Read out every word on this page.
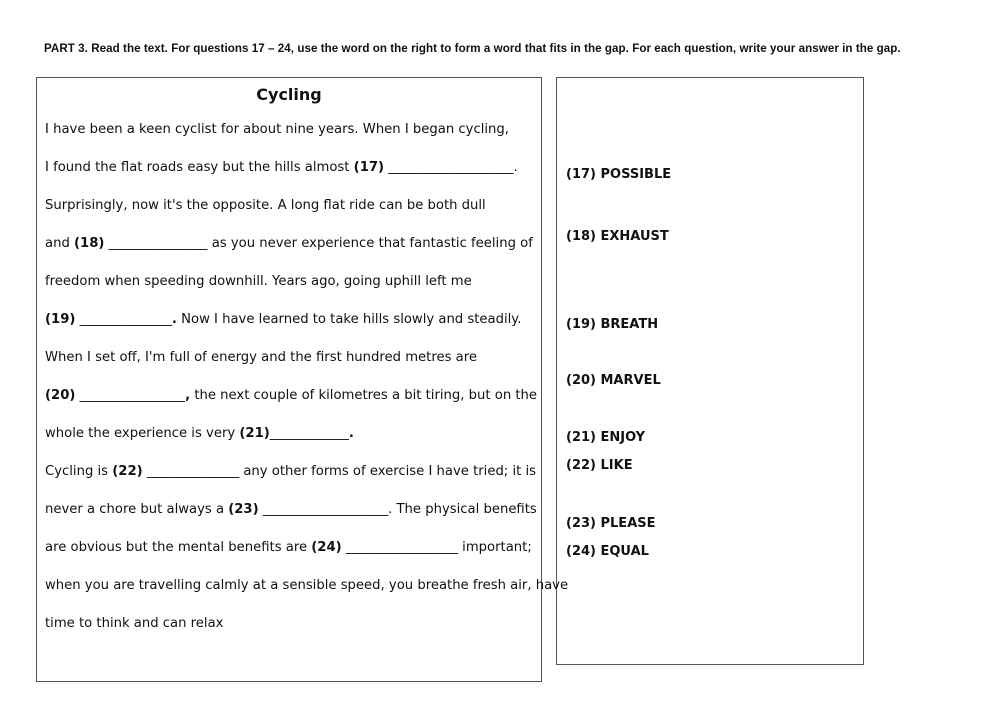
PART 3. Read the text. For questions 17 – 24, use the word on the right to form a word that fits in the gap. For each question, write your answer in the gap.
Cycling
I have been a keen cyclist for about nine years. When I began cycling,
I found the flat roads easy but the hills almost (17) ___________________.
Surprisingly, now it's the opposite. A long flat ride can be both dull
and (18) _______________ as you never experience that fantastic feeling of
freedom when speeding downhill. Years ago, going uphill left me
(19) ______________. Now I have learned to take hills slowly and steadily.
When I set off, I'm full of energy and the first hundred metres are
(20) ________________, the next couple of kilometres a bit tiring, but on the
whole the experience is very (21)____________.
Cycling is (22) ______________ any other forms of exercise I have tried; it is
never a chore but always a (23) ___________________. The physical benefits
are obvious but the mental benefits are (24) _________________ important;
when you are travelling calmly at a sensible speed, you breathe fresh air, have
time to think and can relax
(17) POSSIBLE
(18) EXHAUST
(19) BREATH
(20) MARVEL
(21) ENJOY
(22) LIKE
(23) PLEASE
(24) EQUAL
